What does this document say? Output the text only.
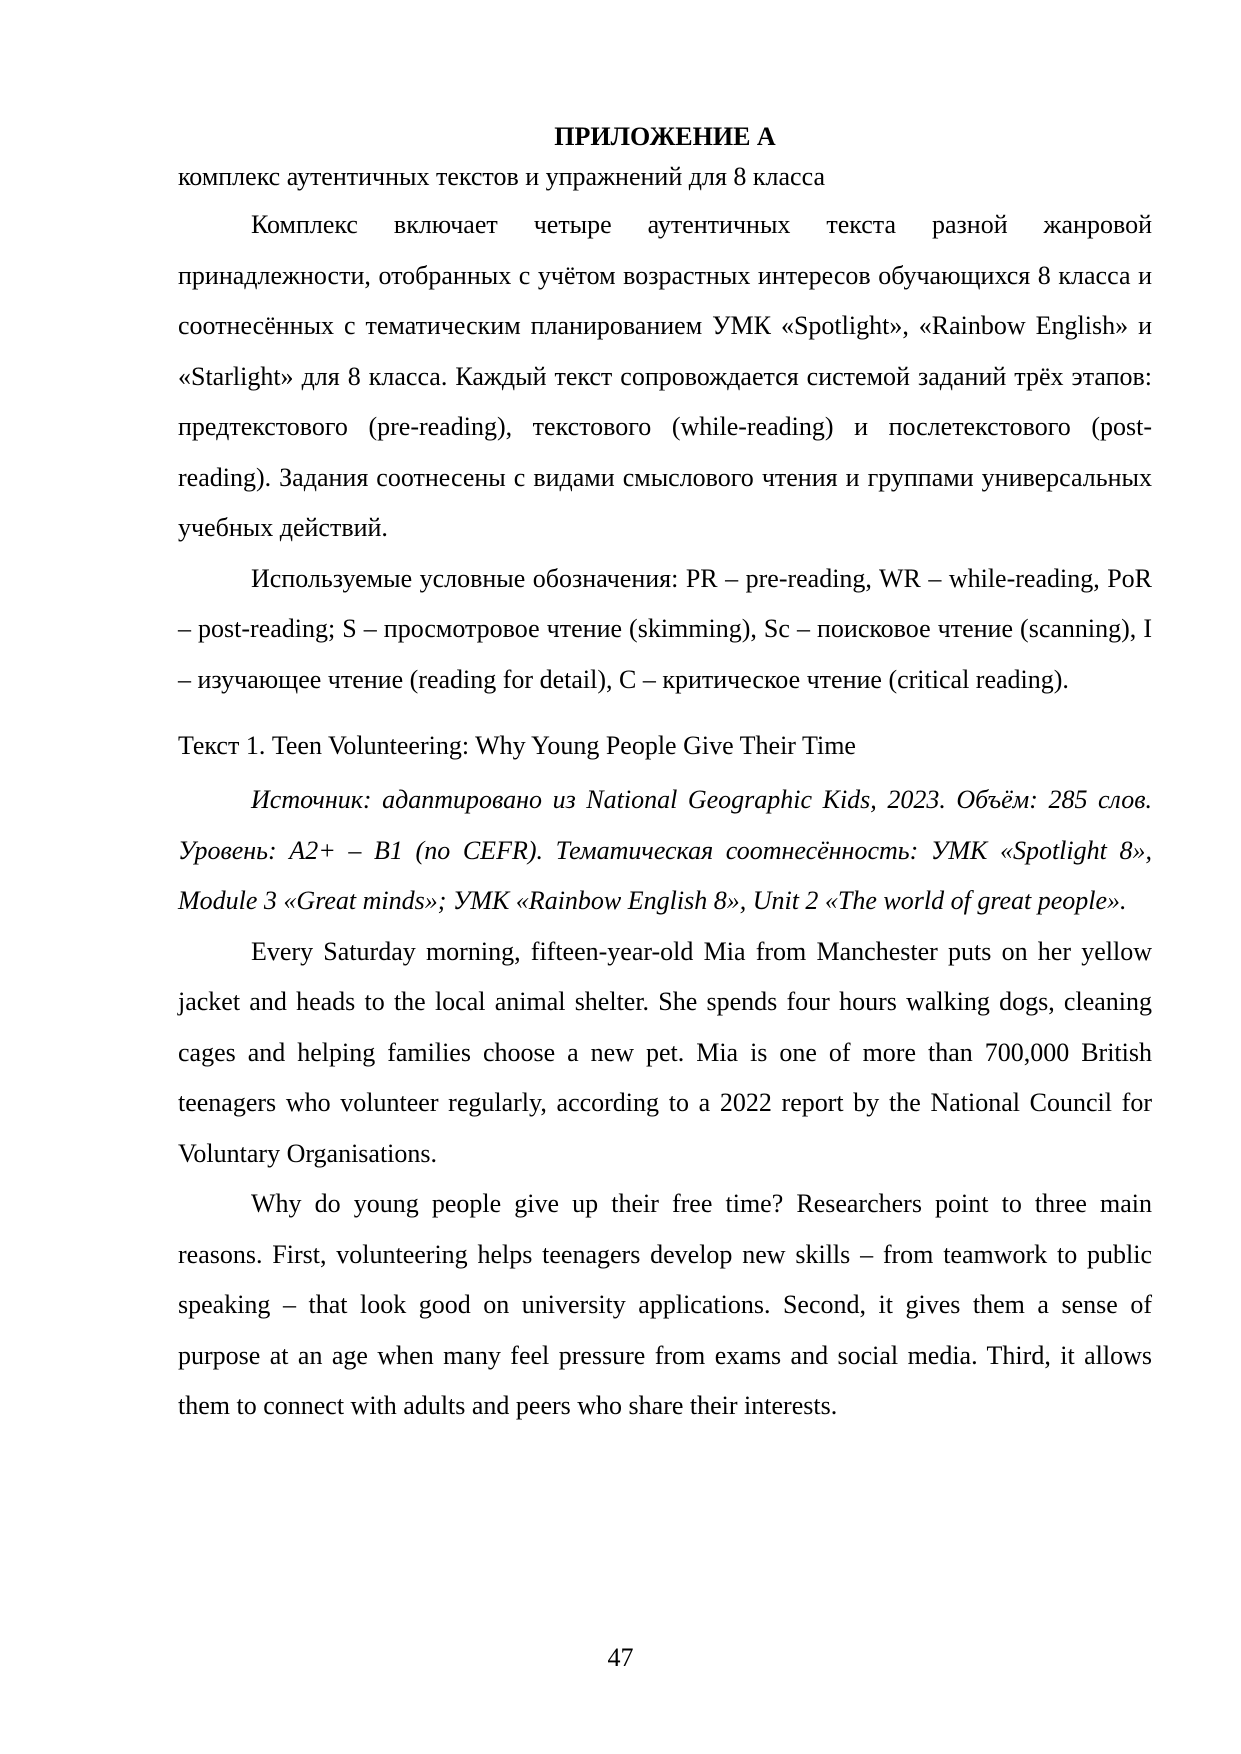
ПРИЛОЖЕНИЕ А

комплекс аутентичных текстов и упражнений для 8 класса

Комплекс включает четыре аутентичных текста разной жанровой принадлежности, отобранных с учётом возрастных интересов обучающихся 8 класса и соотнесённых с тематическим планированием УМК «Spotlight», «Rainbow English» и «Starlight» для 8 класса. Каждый текст сопровождается системой заданий трёх этапов: предтекстового (pre-reading), текстового (while-reading) и послетекстового (post-reading). Задания соотнесены с видами смыслового чтения и группами универсальных учебных действий.

Используемые условные обозначения: PR – pre-reading, WR – while-reading, PoR – post-reading; S – просмотровое чтение (skimming), Sc – поисковое чтение (scanning), I – изучающее чтение (reading for detail), C – критическое чтение (critical reading).

Текст 1. Teen Volunteering: Why Young People Give Their Time

Источник: адаптировано из National Geographic Kids, 2023. Объём: 285 слов. Уровень: A2+ – B1 (по CEFR). Тематическая соотнесённость: УМК «Spotlight 8», Module 3 «Great minds»; УМК «Rainbow English 8», Unit 2 «The world of great people».

Every Saturday morning, fifteen-year-old Mia from Manchester puts on her yellow jacket and heads to the local animal shelter. She spends four hours walking dogs, cleaning cages and helping families choose a new pet. Mia is one of more than 700,000 British teenagers who volunteer regularly, according to a 2022 report by the National Council for Voluntary Organisations.

Why do young people give up their free time? Researchers point to three main reasons. First, volunteering helps teenagers develop new skills – from teamwork to public speaking – that look good on university applications. Second, it gives them a sense of purpose at an age when many feel pressure from exams and social media. Third, it allows them to connect with adults and peers who share their interests.

47
